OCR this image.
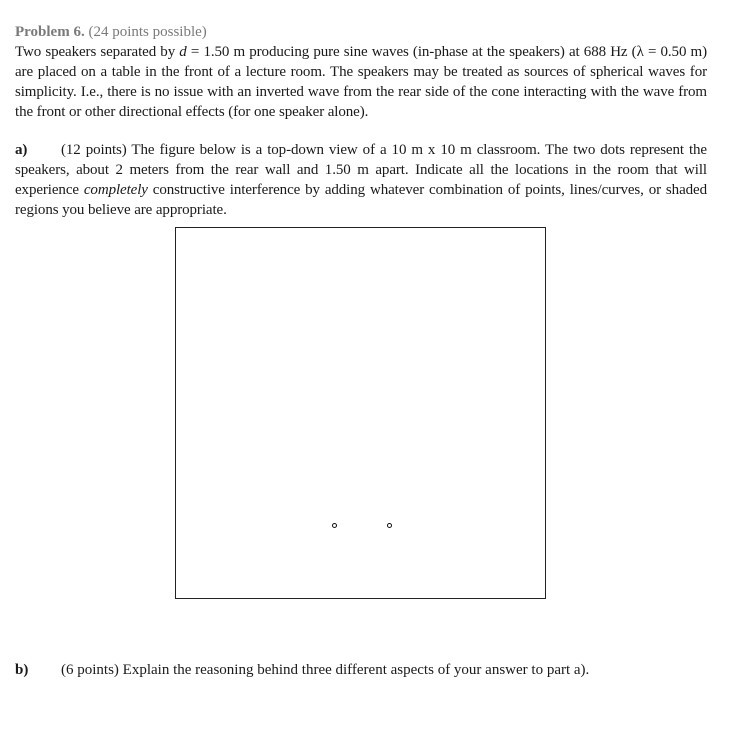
Problem 6. (24 points possible)

Two speakers separated by d = 1.50 m producing pure sine waves (in-phase at the speakers) at 688 Hz (λ = 0.50 m) are placed on a table in the front of a lecture room. The speakers may be treated as sources of spherical waves for simplicity. I.e., there is no issue with an inverted wave from the rear side of the cone interacting with the wave from the front or other directional effects (for one speaker alone).

a) (12 points) The figure below is a top-down view of a 10 m x 10 m classroom. The two dots represent the speakers, about 2 meters from the rear wall and 1.50 m apart. Indicate all the locations in the room that will experience completely constructive interference by adding whatever combination of points, lines/curves, or shaded regions you believe are appropriate.

b) (6 points) Explain the reasoning behind three different aspects of your answer to part a).
